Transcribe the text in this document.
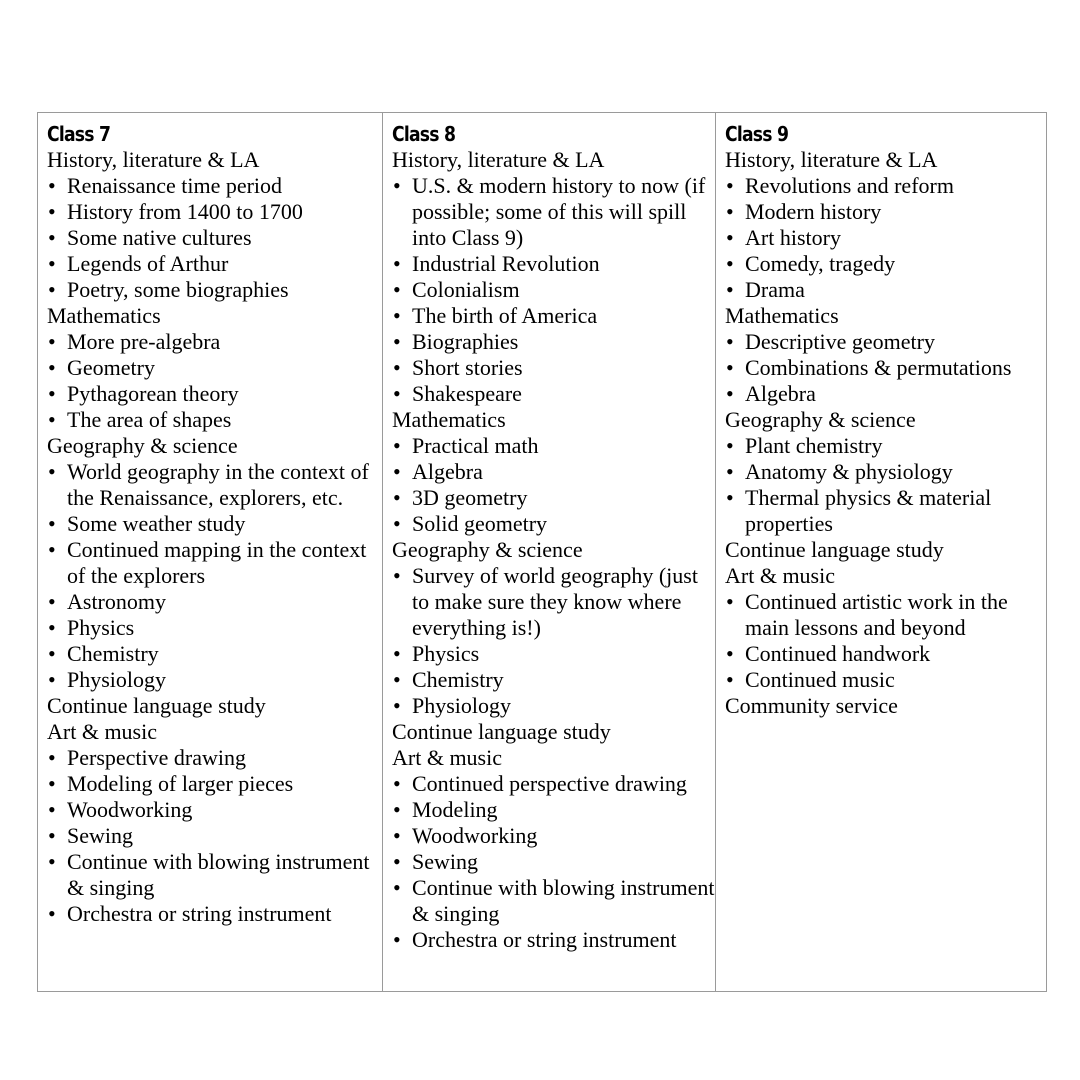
Class 7
History, literature & LA
• Renaissance time period
• History from 1400 to 1700
• Some native cultures
• Legends of Arthur
• Poetry, some biographies
Mathematics
• More pre-algebra
• Geometry
• Pythagorean theory
• The area of shapes
Geography & science
• World geography in the context of the Renaissance, explorers, etc.
• Some weather study
• Continued mapping in the context of the explorers
• Astronomy
• Physics
• Chemistry
• Physiology
Continue language study
Art & music
• Perspective drawing
• Modeling of larger pieces
• Woodworking
• Sewing
• Continue with blowing instrument & singing
• Orchestra or string instrument
Class 8
History, literature & LA
• U.S. & modern history to now (if possible; some of this will spill into Class 9)
• Industrial Revolution
• Colonialism
• The birth of America
• Biographies
• Short stories
• Shakespeare
Mathematics
• Practical math
• Algebra
• 3D geometry
• Solid geometry
Geography & science
• Survey of world geography (just to make sure they know where everything is!)
• Physics
• Chemistry
• Physiology
Continue language study
Art & music
• Continued perspective drawing
• Modeling
• Woodworking
• Sewing
• Continue with blowing instrument & singing
• Orchestra or string instrument
Class 9
History, literature & LA
• Revolutions and reform
• Modern history
• Art history
• Comedy, tragedy
• Drama
Mathematics
• Descriptive geometry
• Combinations & permutations
• Algebra
Geography & science
• Plant chemistry
• Anatomy & physiology
• Thermal physics & material properties
Continue language study
Art & music
• Continued artistic work in the main lessons and beyond
• Continued handwork
• Continued music
Community service
